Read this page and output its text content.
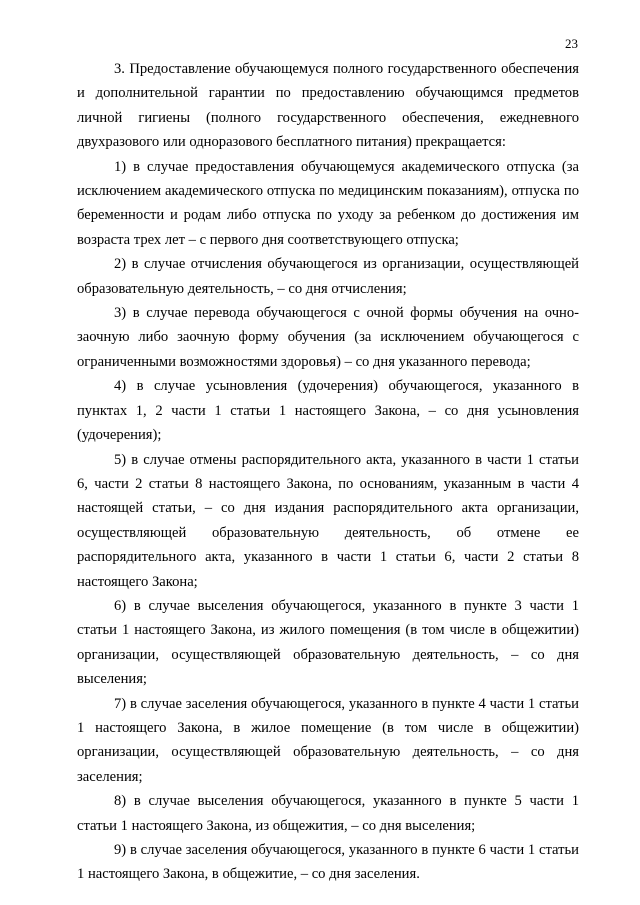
23

3. Предоставление обучающемуся полного государственного обеспечения и дополнительной гарантии по предоставлению обучающимся предметов личной гигиены (полного государственного обеспечения, ежедневного двухразового или одноразового бесплатного питания) прекращается:

1) в случае предоставления обучающемуся академического отпуска (за исключением академического отпуска по медицинским показаниям), отпуска по беременности и родам либо отпуска по уходу за ребенком до достижения им возраста трех лет – с первого дня соответствующего отпуска;

2) в случае отчисления обучающегося из организации, осуществляющей образовательную деятельность, – со дня отчисления;

3) в случае перевода обучающегося с очной формы обучения на очно-заочную либо заочную форму обучения (за исключением обучающегося с ограниченными возможностями здоровья) – со дня указанного перевода;

4) в случае усыновления (удочерения) обучающегося, указанного в пунктах 1, 2 части 1 статьи 1 настоящего Закона, – со дня усыновления (удочерения);

5) в случае отмены распорядительного акта, указанного в части 1 статьи 6, части 2 статьи 8 настоящего Закона, по основаниям, указанным в части 4 настоящей статьи, – со дня издания распорядительного акта организации, осуществляющей образовательную деятельность, об отмене ее распорядительного акта, указанного в части 1 статьи 6, части 2 статьи 8 настоящего Закона;

6) в случае выселения обучающегося, указанного в пункте 3 части 1 статьи 1 настоящего Закона, из жилого помещения (в том числе в общежитии) организации, осуществляющей образовательную деятельность, – со дня выселения;

7) в случае заселения обучающегося, указанного в пункте 4 части 1 статьи 1 настоящего Закона, в жилое помещение (в том числе в общежитии) организации, осуществляющей образовательную деятельность, – со дня заселения;

8) в случае выселения обучающегося, указанного в пункте 5 части 1 статьи 1 настоящего Закона, из общежития, – со дня выселения;

9) в случае заселения обучающегося, указанного в пункте 6 части 1 статьи 1 настоящего Закона, в общежитие, – со дня заселения.
